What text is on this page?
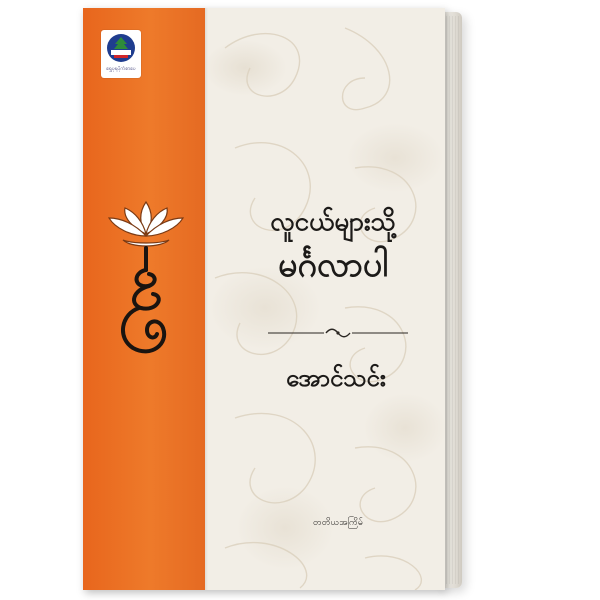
ရွှေပုရပိုက်စာပေ
လူငယ်များသို့
မင်္ဂလာပါ
အောင်သင်း
တတိယအကြိမ်
